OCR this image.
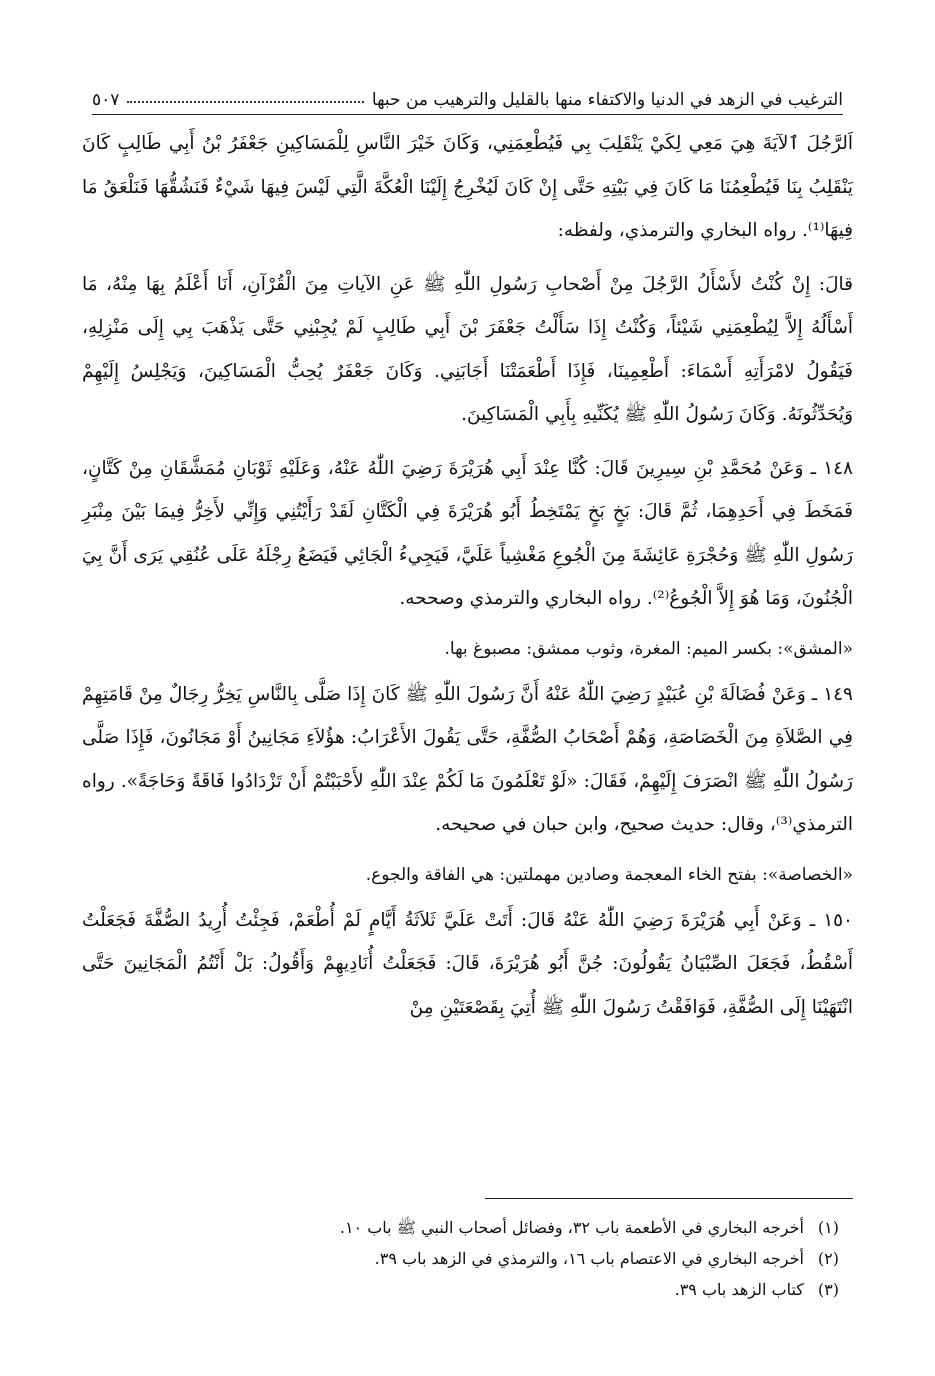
الترغيب في الزهد في الدنيا والاكتفاء منها بالقليل والترهيب من حبها
٥٠٧

اَلرَّجُلَ ٱلآيَةَ هِيَ مَعِي لِكَيْ يَنْقَلِبَ بِي فَيُطْعِمَنِي، وَكَانَ خَيْرَ النَّاسِ لِلْمَسَاكِينِ جَعْفَرُ بْنُ أَبِي طَالِبٍ كَانَ يَنْقَلِبُ بِنَا فَيُطْعِمُنَا مَا كَانَ فِي بَيْتِهِ حَتَّى إِنْ كَانَ لَيُخْرِجُ إِلَيْنَا الْعُكَّةَ الَّتِي لَيْسَ فِيهَا شَيْءٌ فَنَشُقُّهَا فَنَلْعَقُ مَا فِيهَا⁽¹⁾. رواه البخاري والترمذي، ولفظه:

قالَ: إِنْ كُنْتُ لأَسْأَلُ الرَّجُلَ مِنْ أَصْحابِ رَسُولِ اللّٰهِ ﷺ عَنِ الآياتِ مِنَ الْقُرْآنِ، أَنَا أَعْلَمُ بِهَا مِنْهُ، مَا أَسْأَلُهُ إِلاَّ لِيُطْعِمَنِي شَيْئاً، وَكُنْتُ إِذَا سَأَلْتُ جَعْفَرَ بْنَ أَبِي طَالِبٍ لَمْ يُجِبْنِي حَتَّى يَذْهَبَ بِي إِلَى مَنْزِلِهِ، فَيَقُولُ لامْرَأَتِهِ أَسْمَاءَ: أَطْعِمِينَا، فَإِذَا أَطْعَمَتْنَا أَجَابَنِي. وَكَانَ جَعْفَرٌ يُحِبُّ الْمَسَاكِينَ، وَيَجْلِسُ إِلَيْهِمْ وَيُحَدِّثُونَهُ. وَكَانَ رَسُولُ اللّٰهِ ﷺ يُكَنِّيهِ بِأَبِي الْمَسَاكِينَ.

١٤٨ ـ وَعَنْ مُحَمَّدِ بْنِ سِيرِينَ قَالَ: كُنَّا عِنْدَ أَبِي هُرَيْرَةَ رَضِيَ اللّٰهُ عَنْهُ، وَعَلَيْهِ ثَوْبَانِ مُمَشَّقَانِ مِنْ كَتَّانٍ، فَمَخَطَ فِي أَحَدِهِمَا، ثُمَّ قَالَ: بَخٍ بَخٍ يَمْتَخِطُ أَبُو هُرَيْرَةَ فِي الْكَتَّانِ لَقَدْ رَأَيْتُنِي وَإِنِّي لأَخِرُّ فِيمَا بَيْنَ مِنْبَرِ رَسُولِ اللّٰهِ ﷺ وَحُجْرَةِ عَائِشَةَ مِنَ الْجُوعِ مَغْشِياً عَلَيَّ، فَيَجِيءُ الْجَائِي فَيَضَعُ رِجْلَهُ عَلَى عُنُقِي يَرَى أَنَّ بِيَ الْجُنُونَ، وَمَا هُوَ إِلاَّ الْجُوعُ⁽²⁾. رواه البخاري والترمذي وصححه.

«المشق»: بكسر الميم: المغرة، وثوب ممشق: مصبوغ بها.

١٤٩ ـ وَعَنْ فُضَالَةَ بْنِ عُبَيْدٍ رَضِيَ اللّٰهُ عَنْهُ أَنَّ رَسُولَ اللّٰهِ ﷺ كَانَ إِذَا صَلَّى بِالنَّاسِ يَخِرُّ رِجَالٌ مِنْ قَامَتِهِمْ فِي الصَّلاَةِ مِنَ الْخَصَاصَةِ، وَهُمْ أَصْحَابُ الصُّفَّةِ، حَتَّى يَقُولَ الأَعْرَابُ: هؤُلاَءِ مَجَانِينُ أَوْ مَجَانُونَ، فَإِذَا صَلَّى رَسُولُ اللّٰهِ ﷺ انْصَرَفَ إِلَيْهِمْ، فَقَالَ: «لَوْ تَعْلَمُونَ مَا لَكُمْ عِنْدَ اللّٰهِ لأَحْبَبْتُمْ أَنْ تَزْدَادُوا فَاقَةً وَحَاجَةً». رواه الترمذي⁽³⁾، وقال: حديث صحيح، وابن حبان في صحيحه.

«الخصاصة»: بفتح الخاء المعجمة وصادين مهملتين: هي الفاقة والجوع.

١٥٠ ـ وَعَنْ أَبِي هُرَيْرَةَ رَضِيَ اللّٰهُ عَنْهُ قَالَ: أَتَتْ عَلَيَّ ثَلاَثَةُ أَيَّامٍ لَمْ أُطْعَمْ، فَجِئْتُ أُرِيدُ الصُّفَّةَ فَجَعَلْتُ أَسْقُطُ، فَجَعَلَ الصِّبْيَانُ يَقُولُونَ: جُنَّ أَبُو هُرَيْرَةَ، قَالَ: فَجَعَلْتُ أُنَادِيهِمْ وَأَقُولُ: بَلْ أَنْتُمُ الْمَجَانِينَ حَتَّى انْتَهَيْنَا إِلَى الصُّفَّةِ، فَوَافَقْتُ رَسُولَ اللّٰهِ ﷺ أُتِيَ بِقَصْعَتَيْنِ مِنْ

(١)
أخرجه البخاري في الأطعمة باب ٣٢، وفضائل أصحاب النبي ﷺ باب ١٠.
(٢)
أخرجه البخاري في الاعتصام باب ١٦، والترمذي في الزهد باب ٣٩.
(٣)
كتاب الزهد باب ٣٩.
